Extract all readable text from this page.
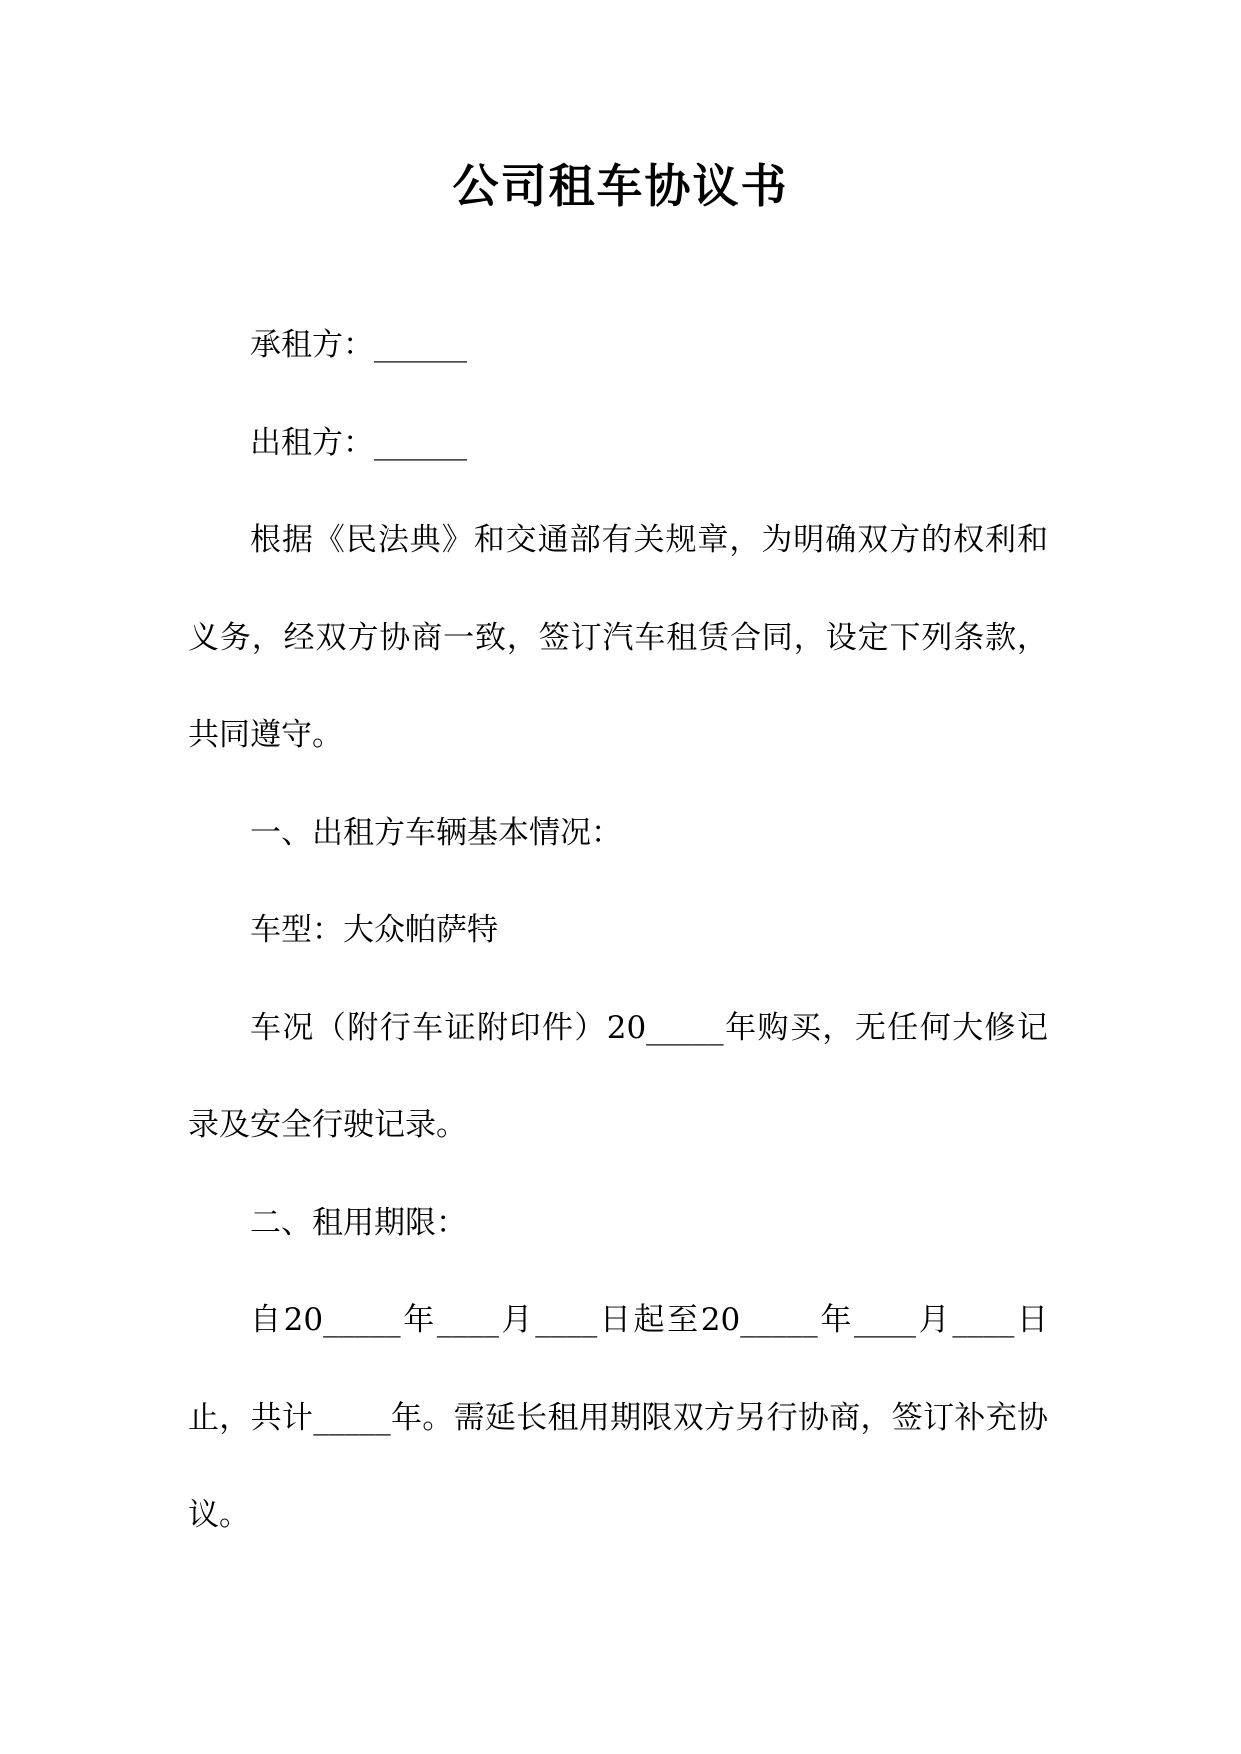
公司租车协议书

承租方：______

出租方：______

根据《民法典》和交通部有关规章，为明确双方的权利和义务，经双方协商一致，签订汽车租赁合同，设定下列条款，共同遵守。

一、出租方车辆基本情况：

车型：大众帕萨特

车况（附行车证附印件）20_____年购买，无任何大修记录及安全行驶记录。

二、租用期限：

自20_____年____月____日起至20_____年____月____日止，共计_____年。需延长租用期限双方另行协商，签订补充协议。
